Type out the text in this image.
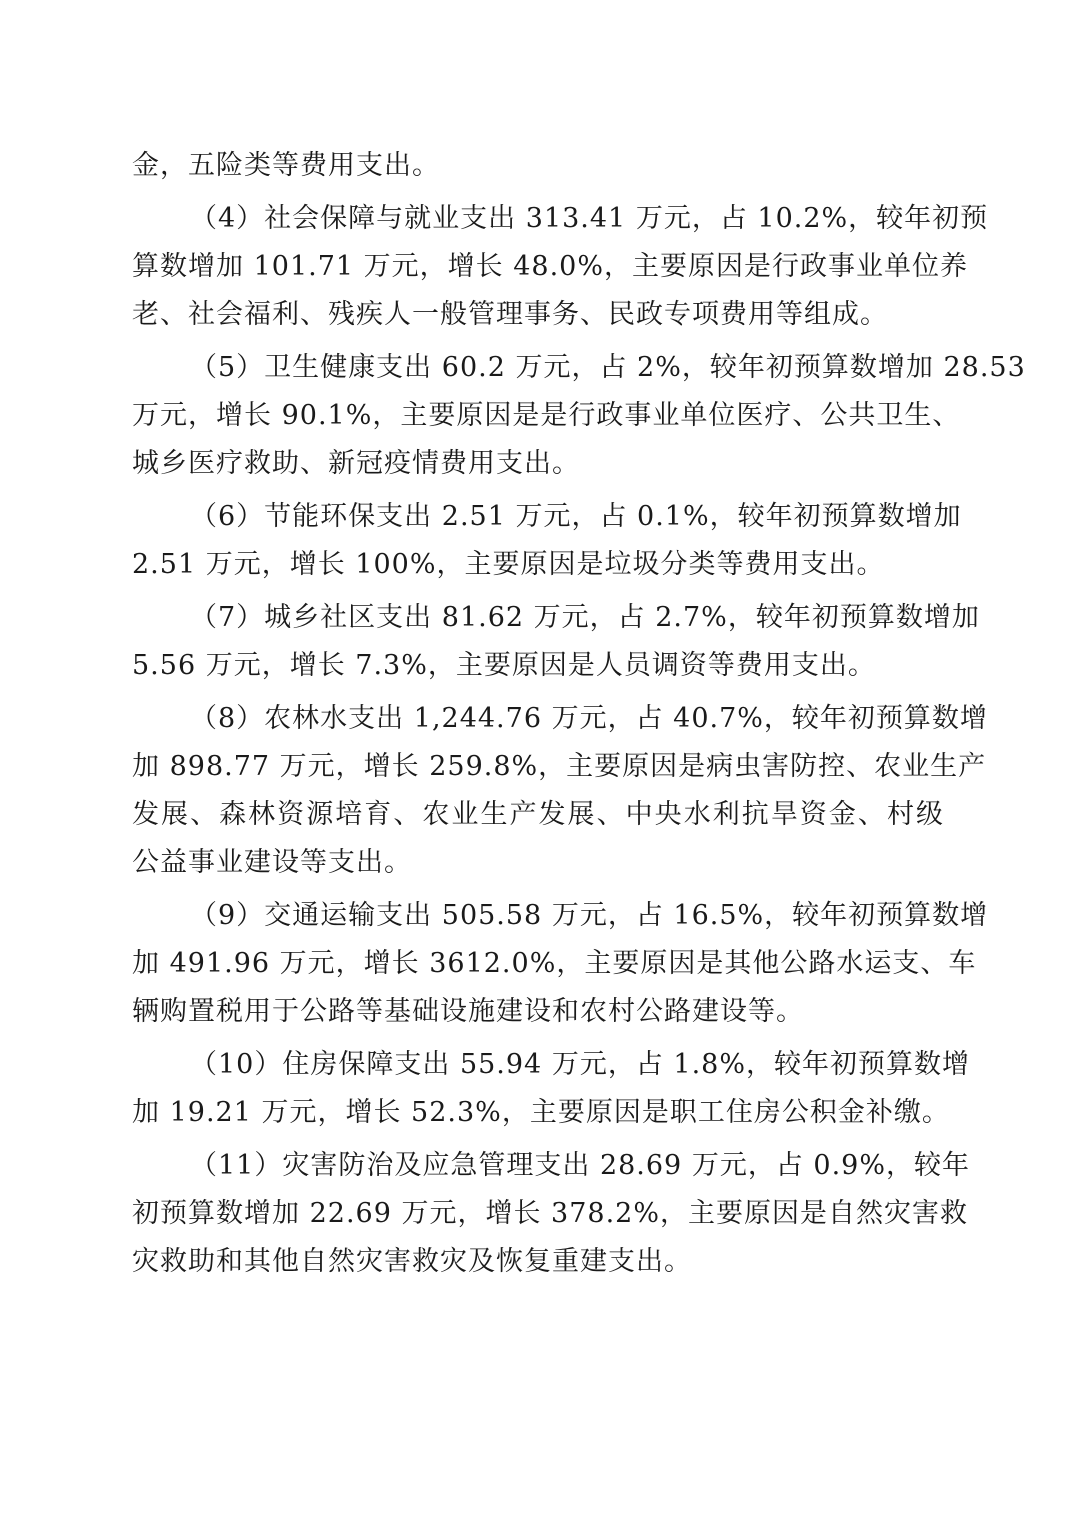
金，五险类等费用支出。
（4）社会保障与就业支出 313.41 万元，占 10.2%，较年初预
算数增加 101.71 万元，增长 48.0%，主要原因是行政事业单位养
老、社会福利、残疾人一般管理事务、民政专项费用等组成。
（5）卫生健康支出 60.2 万元，占 2%，较年初预算数增加 28.53
万元，增长 90.1%，主要原因是是行政事业单位医疗、公共卫生、
城乡医疗救助、新冠疫情费用支出。
（6）节能环保支出 2.51 万元，占 0.1%，较年初预算数增加
2.51 万元，增长 100%，主要原因是垃圾分类等费用支出。
（7）城乡社区支出 81.62 万元，占 2.7%，较年初预算数增加
5.56 万元，增长 7.3%，主要原因是人员调资等费用支出。
（8）农林水支出 1,244.76 万元，占 40.7%，较年初预算数增
加 898.77 万元，增长 259.8%，主要原因是病虫害防控、农业生产
发展、森林资源培育、农业生产发展、中央水利抗旱资金、村级
公益事业建设等支出。
（9）交通运输支出 505.58 万元，占 16.5%，较年初预算数增
加 491.96 万元，增长 3612.0%，主要原因是其他公路水运支、车
辆购置税用于公路等基础设施建设和农村公路建设等。
（10）住房保障支出 55.94 万元，占 1.8%，较年初预算数增
加 19.21 万元，增长 52.3%，主要原因是职工住房公积金补缴。
（11）灾害防治及应急管理支出 28.69 万元，占 0.9%，较年
初预算数增加 22.69 万元，增长 378.2%，主要原因是自然灾害救
灾救助和其他自然灾害救灾及恢复重建支出。
